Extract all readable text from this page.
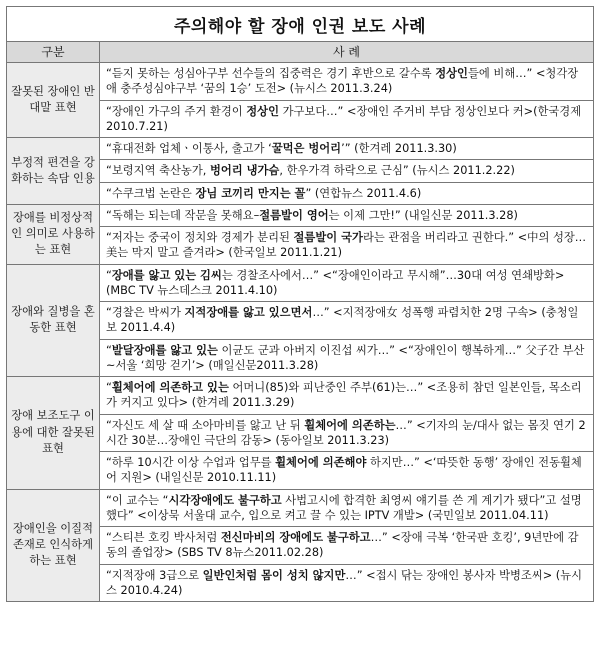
주의해야 할 장애 인권 보도 사례
구분	사 례
잘못된 장애인 반대말 표현	“듣지 못하는 성심아구부 선수들의 집중력은 경기 후반으로 갈수록 정상인들에 비해…” <청각장애 충주성심야구부 ‘꿈의 1승’ 도전> (뉴시스 2011.3.24)
	“장애인 가구의 주거 환경이 정상인 가구보다…” <장애인 주거비 부담 정상인보다 커>(한국경제 2010.7.21)
부정적 편견을 강화하는 속담 인용	“휴대전화 업체ㆍ이통사, 출고가 ‘꿀먹은 벙어리’” (한겨레 2011.3.30)
	“보령지역 축산농가, 벙어리 냉가슴, 한우가격 하락으로 근심” (뉴시스 2011.2.22)
	“수쿠크법 논란은 장님 코끼리 만지는 꼴” (연합뉴스 2011.4.6)
장애를 비정상적인 의미로 사용하는 표현	“독해는 되는데 작문을 못해요–절름발이 영어는 이제 그만!” (내일신문 2011.3.28)
	“저자는 중국이 정치와 경제가 분리된 절름발이 국가라는 관점을 버리라고 권한다.” <中의 성장… 美는 막지 말고 즐겨라> (한국일보 2011.1.21)
장애와 질병을 혼동한 표현	“장애를 앓고 있는 김씨는 경찰조사에서…” <“장애인이라고 무시해”…30대 여성 연쇄방화> (MBC TV 뉴스데스크 2011.4.10)
	“경찰은 박씨가 지적장애를 앓고 있으면서…” <지적장애女 성폭행 파렴치한 2명 구속> (충청일보 2011.4.4)
	“발달장애를 앓고 있는 이균도 군과 아버지 이진섭 씨가…” <“장애인이 행복하게…” 父子간 부산~서울 ‘희망 걷기’> (매일신문2011.3.28)
장애 보조도구 이용에 대한 잘못된 표현	“휠체어에 의존하고 있는 어머니(85)와 피난중인 주부(61)는…” <조용히 참던 일본인들, 목소리가 커지고 있다> (한겨레 2011.3.29)
	“자신도 세 살 때 소아마비를 앓고 난 뒤 휠체어에 의존하는…” <기자의 눈/대사 없는 몸짓 연기 2시간 30분…장애인 극단의 감동> (동아일보 2011.3.23)
	“하루 10시간 이상 수업과 업무를 휠체어에 의존해야 하지만…” <‘따뜻한 동행’ 장애인 전동휠체어 지원> (내일신문 2010.11.11)
장애인을 이질적 존재로 인식하게 하는 표현	“이 교수는 “시각장애에도 불구하고 사법고시에 합격한 최영씨 얘기를 쓴 게 계기가 됐다”고 설명했다” <이상묵 서울대 교수, 입으로 켜고 끌 수 있는 IPTV 개발> (국민일보 2011.04.11)
	“스티븐 호킹 박사처럼 전신마비의 장애에도 불구하고…” <장애 극복 ‘한국판 호킹’, 9년만에 감동의 졸업장> (SBS TV 8뉴스2011.02.28)
	“지적장애 3급으로 일반인처럼 몸이 성치 않지만…” <접시 닦는 장애인 봉사자 박병조씨> (뉴시스 2010.4.24)
